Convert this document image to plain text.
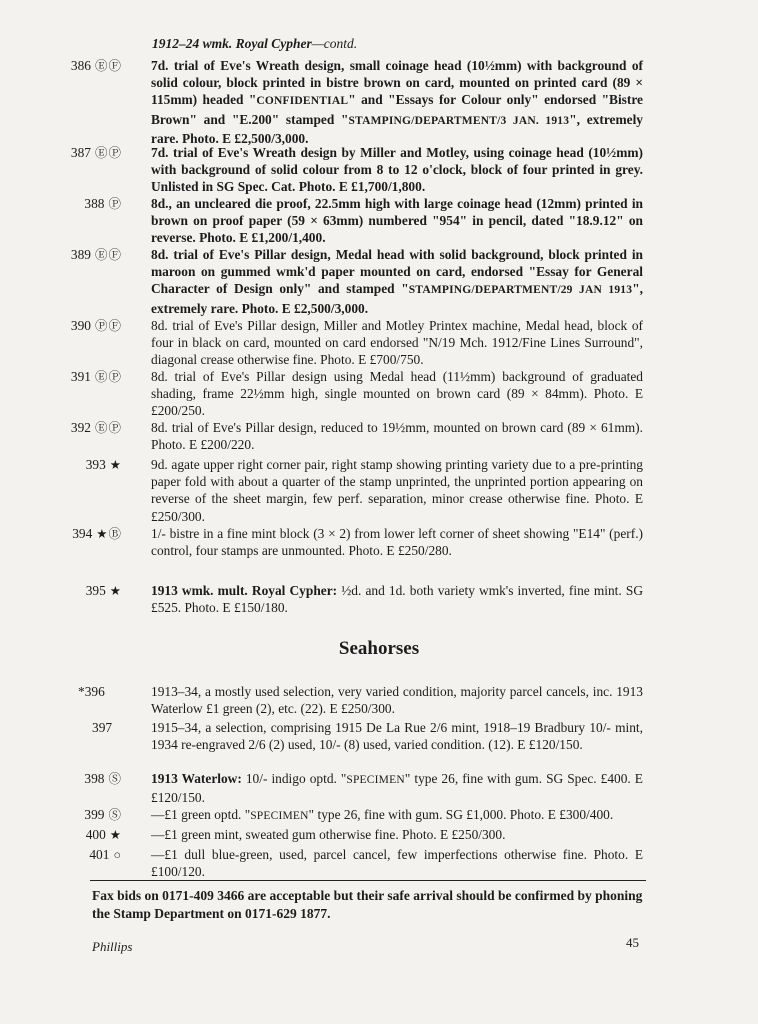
1912–24 wmk. Royal Cypher—contd.
386 ⒺⒻ 7d. trial of Eve's Wreath design, small coinage head (10½mm) with background of solid colour, block printed in bistre brown on card, mounted on printed card (89 × 115mm) headed "CONFIDENTIAL" and "Essays for Colour only" endorsed "Bistre Brown" and "E.200" stamped "STAMPING/DEPARTMENT/3 JAN. 1913", extremely rare. Photo. E £2,500/3,000.
387 ⒺⓅ 7d. trial of Eve's Wreath design by Miller and Motley, using coinage head (10½mm) with background of solid colour from 8 to 12 o'clock, block of four printed in grey. Unlisted in SG Spec. Cat. Photo. E £1,700/1,800.
388 Ⓟ 8d., an uncleared die proof, 22.5mm high with large coinage head (12mm) printed in brown on proof paper (59 × 63mm) numbered "954" in pencil, dated "18.9.12" on reverse. Photo. E £1,200/1,400.
389 ⒺⒻ 8d. trial of Eve's Pillar design, Medal head with solid background, block printed in maroon on gummed wmk'd paper mounted on card, endorsed "Essay for General Character of Design only" and stamped "STAMPING/DEPARTMENT/29 JAN 1913", extremely rare. Photo. E £2,500/3,000.
390 ⓅⒻ 8d. trial of Eve's Pillar design, Miller and Motley Printex machine, Medal head, block of four in black on card, mounted on card endorsed "N/19 Mch. 1912/Fine Lines Surround", diagonal crease otherwise fine. Photo. E £700/750.
391 ⒺⓅ 8d. trial of Eve's Pillar design using Medal head (11½mm) background of graduated shading, frame 22½mm high, single mounted on brown card (89 × 84mm). Photo. E £200/250.
392 ⒺⓅ 8d. trial of Eve's Pillar design, reduced to 19½mm, mounted on brown card (89 × 61mm). Photo. E £200/220.
393 ★ 9d. agate upper right corner pair, right stamp showing printing variety due to a pre-printing paper fold with about a quarter of the stamp unprinted, the unprinted portion appearing on reverse of the sheet margin, few perf. separation, minor crease otherwise fine. Photo. E £250/300.
394 ★Ⓑ 1/- bistre in a fine mint block (3 × 2) from lower left corner of sheet showing "E14" (perf.) control, four stamps are unmounted. Photo. E £250/280.
395 ★ 1913 wmk. mult. Royal Cypher: ½d. and 1d. both variety wmk's inverted, fine mint. SG £525. Photo. E £150/180.
Seahorses
*396	1913–34, a mostly used selection, very varied condition, majority parcel cancels, inc. 1913 Waterlow £1 green (2), etc. (22). E £250/300.
397	1915–34, a selection, comprising 1915 De La Rue 2/6 mint, 1918–19 Bradbury 10/- mint, 1934 re-engraved 2/6 (2) used, 10/- (8) used, varied condition. (12). E £120/150.
398 Ⓢ 1913 Waterlow: 10/- indigo optd. "SPECIMEN" type 26, fine with gum. SG Spec. £400. E £120/150.
399 Ⓢ —£1 green optd. "SPECIMEN" type 26, fine with gum. SG £1,000. Photo. E £300/400.
400 ★ —£1 green mint, sweated gum otherwise fine. Photo. E £250/300.
401 ○ —£1 dull blue-green, used, parcel cancel, few imperfections otherwise fine. Photo. E £100/120.
Fax bids on 0171-409 3466 are acceptable but their safe arrival should be confirmed by phoning the Stamp Department on 0171-629 1877.
Phillips	45
